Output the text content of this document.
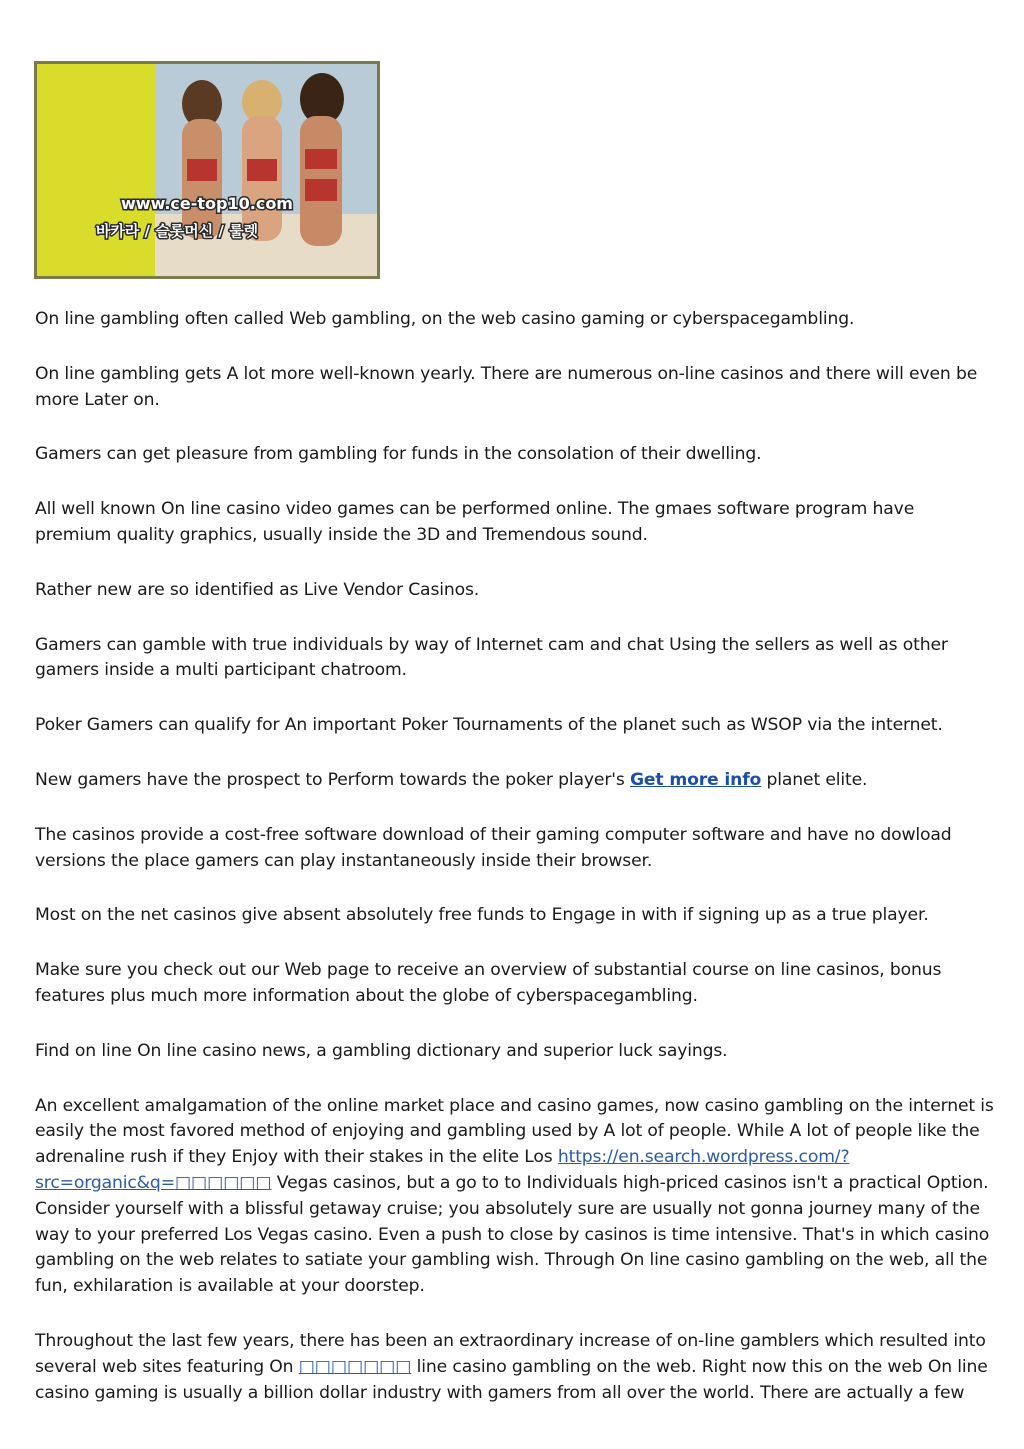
www.ce-top10.com
바카라 / 슬롯머신 / 룰렛

On line gambling often called Web gambling, on the web casino gaming or cyberspacegambling.

On line gambling gets A lot more well-known yearly. There are numerous on-line casinos and there will even be more Later on.

Gamers can get pleasure from gambling for funds in the consolation of their dwelling.

All well known On line casino video games can be performed online. The gmaes software program have premium quality graphics, usually inside the 3D and Tremendous sound.

Rather new are so identified as Live Vendor Casinos.

Gamers can gamble with true individuals by way of Internet cam and chat Using the sellers as well as other gamers inside a multi participant chatroom.

Poker Gamers can qualify for An important Poker Tournaments of the planet such as WSOP via the internet.

New gamers have the prospect to Perform towards the poker player's Get more info planet elite.

The casinos provide a cost-free software download of their gaming computer software and have no dowload versions the place gamers can play instantaneously inside their browser.

Most on the net casinos give absent absolutely free funds to Engage in with if signing up as a true player.

Make sure you check out our Web page to receive an overview of substantial course on line casinos, bonus features plus much more information about the globe of cyberspacegambling.

Find on line On line casino news, a gambling dictionary and superior luck sayings.

An excellent amalgamation of the online market place and casino games, now casino gambling on the internet is easily the most favored method of enjoying and gambling used by A lot of people. While A lot of people like the adrenaline rush if they Enjoy with their stakes in the elite Los https://en.search.wordpress.com/?src=organic&q=□□□□□□ Vegas casinos, but a go to to Individuals high-priced casinos isn't a practical Option. Consider yourself with a blissful getaway cruise; you absolutely sure are usually not gonna journey many of the way to your preferred Los Vegas casino. Even a push to close by casinos is time intensive. That's in which casino gambling on the web relates to satiate your gambling wish. Through On line casino gambling on the web, all the fun, exhilaration is available at your doorstep.

Throughout the last few years, there has been an extraordinary increase of on-line gamblers which resulted into several web sites featuring On □□□□□□□ line casino gambling on the web. Right now this on the web On line casino gaming is usually a billion dollar industry with gamers from all over the world. There are actually a few
